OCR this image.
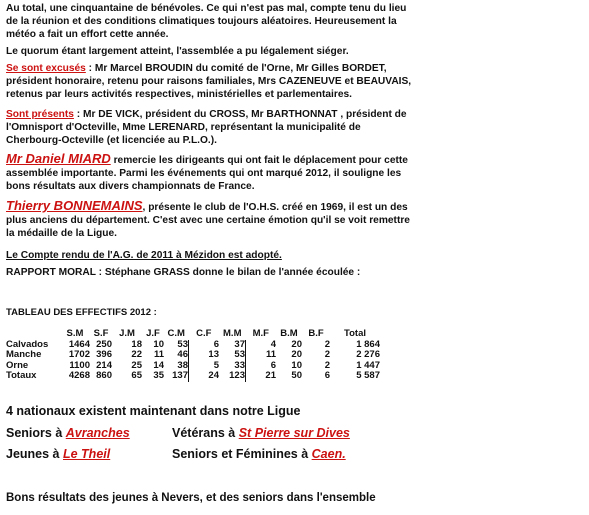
Au total, une cinquantaine de bénévoles. Ce qui n'est pas mal, compte tenu du lieu
de la réunion et des conditions climatiques toujours aléatoires. Heureusement la
météo a fait un effort cette année.
Le quorum étant largement atteint, l'assemblée a pu légalement siéger.
Se sont excusés : Mr Marcel BROUDIN du comité de l'Orne, Mr Gilles BORDET,
président honoraire, retenu pour raisons familiales, Mrs CAZENEUVE et BEAUVAIS,
retenus par leurs activités respectives, ministérielles et parlementaires.
Sont présents : Mr DE VICK, président du CROSS, Mr BARTHONNAT , président de
l'Omnisport d'Octeville, Mme LERENARD, représentant la municipalité de
Cherbourg-Octeville (et licenciée au P.L.O.).
Mr Daniel MIARD remercie les dirigeants qui ont fait le déplacement pour cette
assemblée importante. Parmi les événements qui ont marqué 2012, il souligne les
bons résultats aux divers championnats de France.
Thierry BONNEMAINS, présente le club de l'O.H.S. créé en 1969, il est un des
plus anciens du département. C'est avec une certaine émotion qu'il se voit remettre
la médaille de la Ligue.
Le Compte rendu de l'A.G. de 2011 à Mézidon est adopté.
RAPPORT MORAL : Stéphane GRASS donne le bilan de l'année écoulée :
TABLEAU DES EFFECTIFS 2012 :
	S.M	S.F	J.M	J.F	C.M	C.F	M.M	M.F	B.M	B.F	Total
Calvados	1464	250	18	10	53	6	37	4	20	2	1 864
Manche	1702	396	22	11	46	13	53	11	20	2	2 276
Orne	1100	214	25	14	38	5	33	6	10	2	1 447
Totaux	4268	860	65	35	137	24	123	21	50	6	5 587
4 nationaux existent maintenant dans notre Ligue
Seniors à Avranches	Vétérans à St Pierre sur Dives
Jeunes à Le Theil	Seniors et Féminines à Caen.
Bons résultats des jeunes à Nevers, et des seniors dans l'ensemble
